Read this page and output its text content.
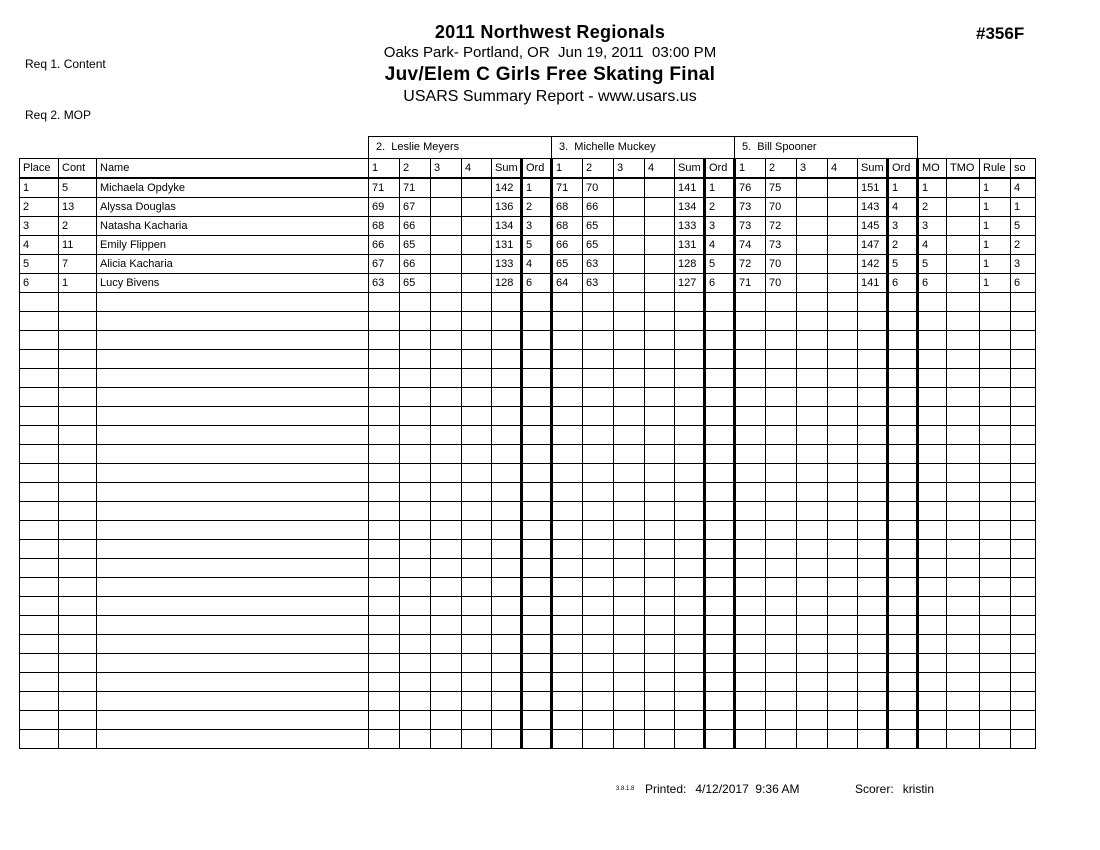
Req 1. Content

Req 2. MOP

#356F
2011 Northwest Regionals
Oaks Park- Portland, OR  Jun 19, 2011  03:00 PM
Juv/Elem C Girls Free Skating Final
USARS Summary Report - www.usars.us
2.  Leslie Meyers	3.  Michelle Muckey	5.  Bill Spooner
Place	Cont	Name	1	2	3	4	Sum	Ord	1	2	3	4	Sum	Ord	1	2	3	4	Sum	Ord	MO	TMO	Rule	so
1	5	Michaela Opdyke	71	71			142	1	71	70			141	1	76	75			151	1	1		1	4
2	13	Alyssa Douglas	69	67			136	2	68	66			134	2	73	70			143	4	2		1	1
3	2	Natasha Kacharia	68	66			134	3	68	65			133	3	73	72			145	3	3		1	5
4	11	Emily Flippen	66	65			131	5	66	65			131	4	74	73			147	2	4		1	2
5	7	Alicia Kacharia	67	66			133	4	65	63			128	5	72	70			142	5	5		1	3
6	1	Lucy Bivens	63	65			128	6	64	63			127	6	71	70			141	6	6		1	6

3.8.1.8 Printed: 4/12/2017  9:36 AM	Scorer: kristin
